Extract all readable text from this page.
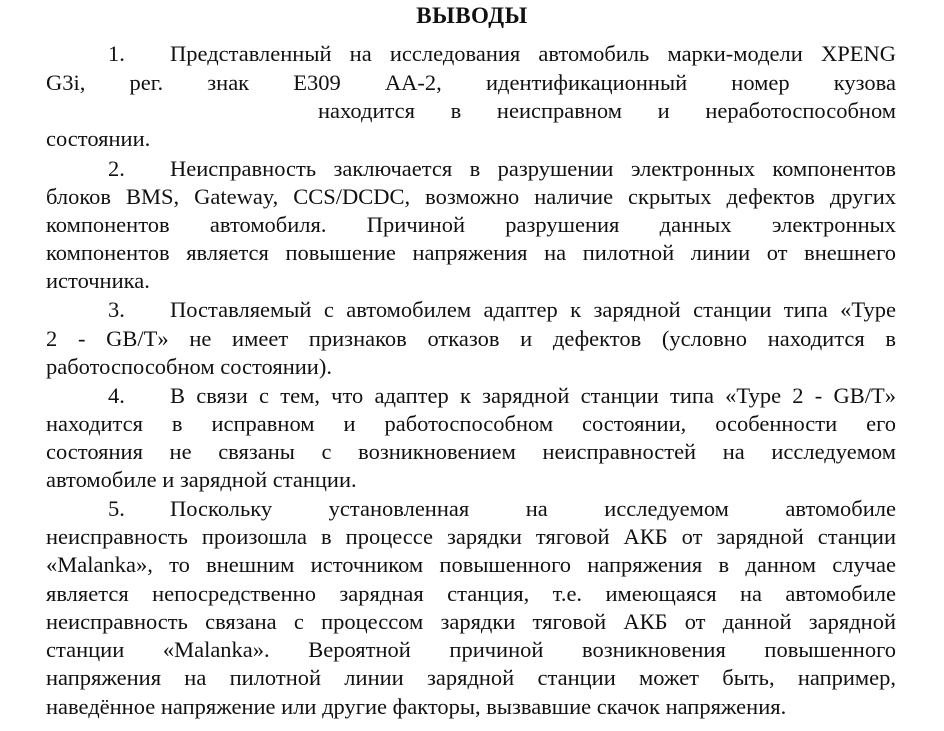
ВЫВОДЫ
1. Представленный на исследования автомобиль марки-модели XPENG
G3i, рег. знак Е309 АА-2, идентификационный номер кузова
находится в неисправном и неработоспособном
состоянии.
2. Неисправность заключается в разрушении электронных компонентов
блоков BMS, Gateway, CCS/DCDC, возможно наличие скрытых дефектов других
компонентов автомобиля. Причиной разрушения данных электронных
компонентов является повышение напряжения на пилотной линии от внешнего
источника.
3. Поставляемый с автомобилем адаптер к зарядной станции типа «Type
2 - GB/T» не имеет признаков отказов и дефектов (условно находится в
работоспособном состоянии).
4. В связи с тем, что адаптер к зарядной станции типа «Type 2 - GB/T»
находится в исправном и работоспособном состоянии, особенности его
состояния не связаны с возникновением неисправностей на исследуемом
автомобиле и зарядной станции.
5. Поскольку установленная на исследуемом автомобиле
неисправность произошла в процессе зарядки тяговой АКБ от зарядной станции
«Malanka», то внешним источником повышенного напряжения в данном случае
является непосредственно зарядная станция, т.е. имеющаяся на автомобиле
неисправность связана с процессом зарядки тяговой АКБ от данной зарядной
станции «Malanka». Вероятной причиной возникновения повышенного
напряжения на пилотной линии зарядной станции может быть, например,
наведённое напряжение или другие факторы, вызвавшие скачок напряжения.
